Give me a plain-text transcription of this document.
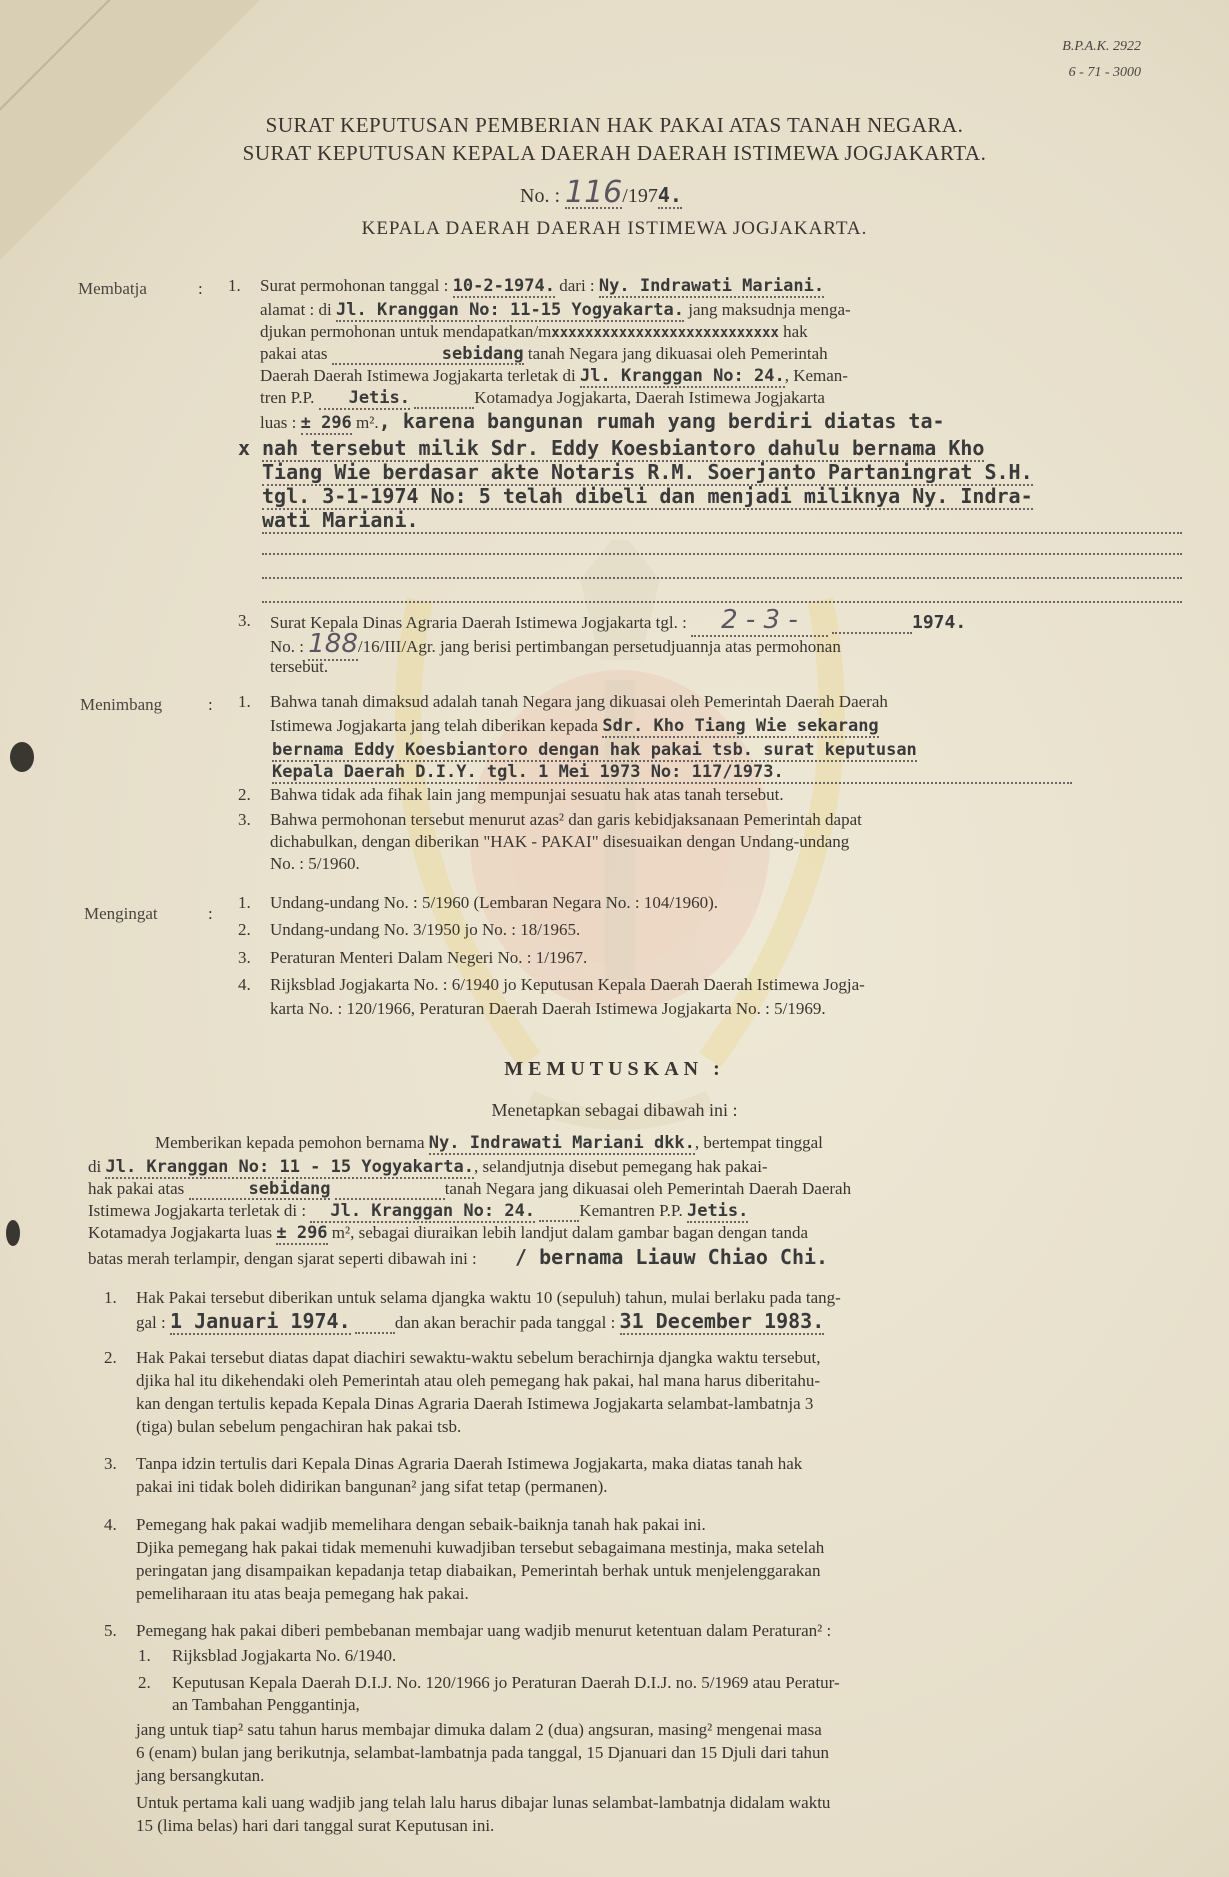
B.P.A.K. 2922
6 - 71 - 3000
SURAT KEPUTUSAN PEMBERIAN HAK PAKAI ATAS TANAH NEGARA.
SURAT KEPUTUSAN KEPALA DAERAH DAERAH ISTIMEWA JOGJAKARTA.
No. : 116/1974.
KEPALA DAERAH DAERAH ISTIMEWA JOGJAKARTA.
Membatja	: 1. Surat permohonan tanggal : 10-2-1974. dari : Ny. Indrawati Mariani.
alamat : di Jl. Kranggan No: 11-15 Yogyakarta. jang maksudnja menga-
djukan permohonan untuk mendapatkan/mxxxxxxxxxxxxxxxxxxxxxxxxxxx hak
pakai atas	sebidang tanah Negara jang dikuasai oleh Pemerintah
Daerah Daerah Istimewa Jogjakarta terletak di Jl. Kranggan No: 24., Keman-
tren P.P. Jetis.	Kotamadya Jogjakarta, Daerah Istimewa Jogjakarta
luas : ± 296 m²., karena bangunan rumah yang berdiri diatas ta-
x nah tersebut milik Sdr. Eddy Koesbiantoro dahulu bernama Kho
Tiang Wie berdasar akte Notaris R.M. Soerjanto Partaningrat S.H.
tgl. 3-1-1974 No: 5 telah dibeli dan menjadi miliknya Ny. Indra-
wati Mariani.
3. Surat Kepala Dinas Agraria Daerah Istimewa Jogjakarta tgl. : 2 - 3 -	1974.
No. : 188/16/III/Agr. jang berisi pertimbangan persetudjuannja atas permohonan
tersebut.
Menimbang	: 1. Bahwa tanah dimaksud adalah tanah Negara jang dikuasai oleh Pemerintah Daerah Daerah
Istimewa Jogjakarta jang telah diberikan kepada Sdr. Kho Tiang Wie sekarang
bernama Eddy Koesbiantoro dengan hak pakai tsb. surat keputusan
Kepala Daerah D.I.Y. tgl. 1 Mei 1973 No: 117/1973.
2. Bahwa tidak ada fihak lain jang mempunjai sesuatu hak atas tanah tersebut.
3. Bahwa permohonan tersebut menurut azas² dan garis kebidjaksanaan Pemerintah dapat
dichabulkan, dengan diberikan "HAK - PAKAI" disesuaikan dengan Undang-undang
No. : 5/1960.
Mengingat	:
1. Undang-undang No. : 5/1960 (Lembaran Negara No. : 104/1960).
2. Undang-undang No. 3/1950 jo No. : 18/1965.
3. Peraturan Menteri Dalam Negeri No. : 1/1967.
4. Rijksblad Jogjakarta No. : 6/1940 jo Keputusan Kepala Daerah Daerah Istimewa Jogja-
karta No. : 120/1966, Peraturan Daerah Daerah Istimewa Jogjakarta No. : 5/1969.
MEMUTUSKAN :
Menetapkan sebagai dibawah ini :
Memberikan kepada pemohon bernama Ny. Indrawati Mariani dkk., bertempat tinggal
di Jl. Kranggan No: 11 - 15 Yogyakarta., selandjutnja disebut pemegang hak pakai-
hak pakai atas	sebidang	tanah Negara jang dikuasai oleh Pemerintah Daerah Daerah
Istimewa Jogjakarta terletak di : Jl. Kranggan No: 24.	Kemantren P.P. Jetis.
Kotamadya Jogjakarta luas ± 296 m², sebagai diuraikan lebih landjut dalam gambar bagan dengan tanda
batas merah terlampir, dengan sjarat seperti dibawah ini : / bernama Liauw Chiao Chi.
1. Hak Pakai tersebut diberikan untuk selama djangka waktu 10 (sepuluh) tahun, mulai berlaku pada tang-
gal : 1 Januari 1974.	dan akan berachir pada tanggal : 31 December 1983.
2. Hak Pakai tersebut diatas dapat diachiri sewaktu-waktu sebelum berachirnja djangka waktu tersebut,
djika hal itu dikehendaki oleh Pemerintah atau oleh pemegang hak pakai, hal mana harus diberitahu-
kan dengan tertulis kepada Kepala Dinas Agraria Daerah Istimewa Jogjakarta selambat-lambatnja 3
(tiga) bulan sebelum pengachiran hak pakai tsb.
3. Tanpa idzin tertulis dari Kepala Dinas Agraria Daerah Istimewa Jogjakarta, maka diatas tanah hak
pakai ini tidak boleh didirikan bangunan² jang sifat tetap (permanen).
4. Pemegang hak pakai wadjib memelihara dengan sebaik-baiknja tanah hak pakai ini.
Djika pemegang hak pakai tidak memenuhi kuwadjiban tersebut sebagaimana mestinja, maka setelah
peringatan jang disampaikan kepadanja tetap diabaikan, Pemerintah berhak untuk menjelenggarakan
pemeliharaan itu atas beaja pemegang hak pakai.
5. Pemegang hak pakai diberi pembebanan membajar uang wadjib menurut ketentuan dalam Peraturan² :
1. Rijksblad Jogjakarta No. 6/1940.
2. Keputusan Kepala Daerah D.I.J. No. 120/1966 jo Peraturan Daerah D.I.J. no. 5/1969 atau Peratur-
an Tambahan Penggantinja,
jang untuk tiap² satu tahun harus membajar dimuka dalam 2 (dua) angsuran, masing² mengenai masa
6 (enam) bulan jang berikutnja, selambat-lambatnja pada tanggal, 15 Djanuari dan 15 Djuli dari tahun
jang bersangkutan.
Untuk pertama kali uang wadjib jang telah lalu harus dibajar lunas selambat-lambatnja didalam waktu
15 (lima belas) hari dari tanggal surat Keputusan ini.
